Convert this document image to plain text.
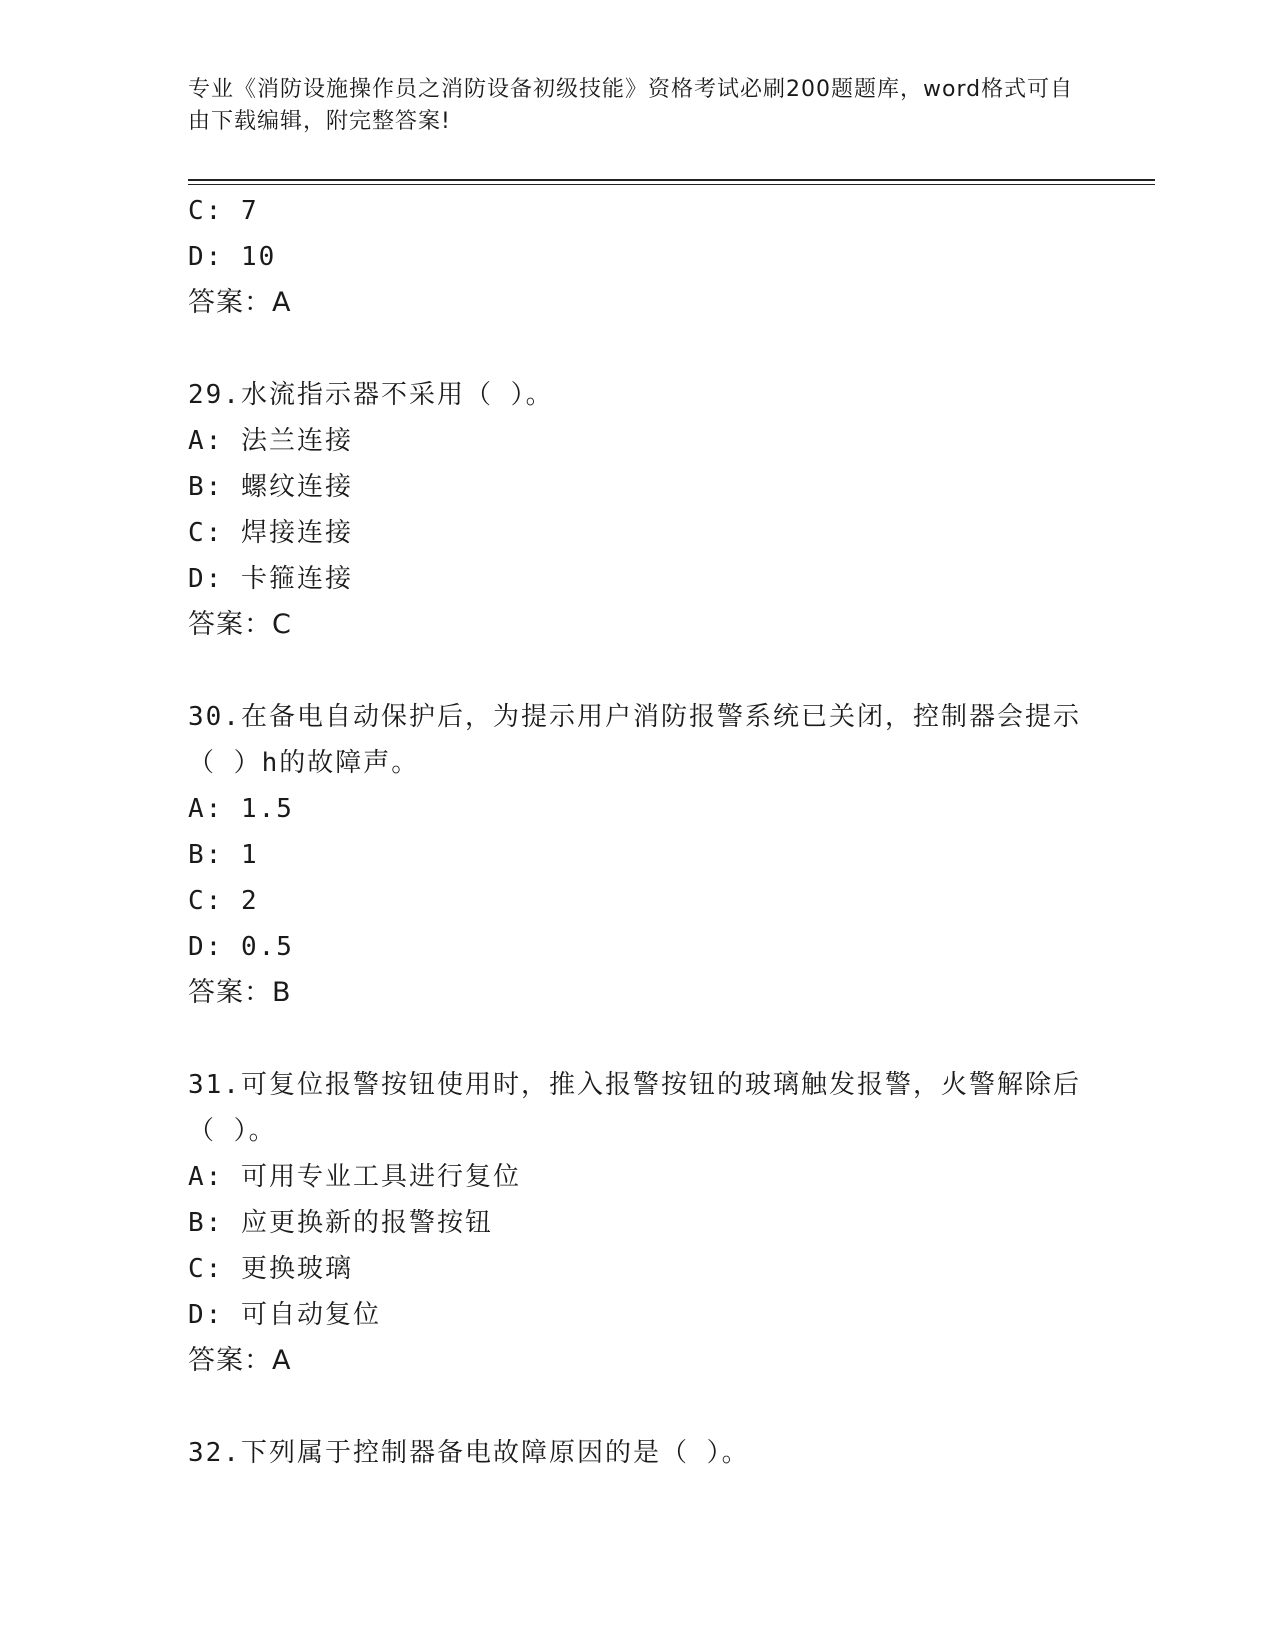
专业《消防设施操作员之消防设备初级技能》资格考试必刷200题题库，word格式可自由下载编辑，附完整答案!
C: 7
D: 10
答案：A
29.水流指示器不采用（ ）。
A: 法兰连接
B: 螺纹连接
C: 焊接连接
D: 卡箍连接
答案：C
30.在备电自动保护后，为提示用户消防报警系统已关闭，控制器会提示（ ）h的故障声。
A: 1.5
B: 1
C: 2
D: 0.5
答案：B
31.可复位报警按钮使用时，推入报警按钮的玻璃触发报警，火警解除后（ ）。
A: 可用专业工具进行复位
B: 应更换新的报警按钮
C: 更换玻璃
D: 可自动复位
答案：A
32.下列属于控制器备电故障原因的是（ ）。
